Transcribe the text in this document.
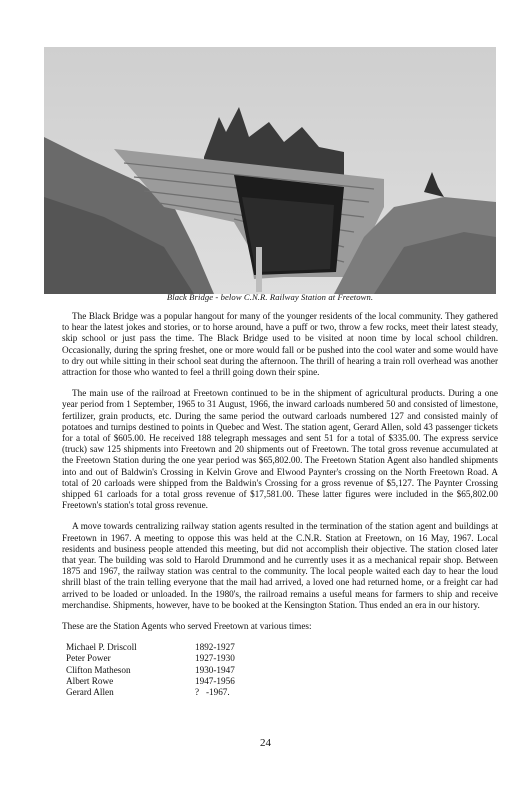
Black Bridge - below C.N.R. Railway Station at Freetown.

The Black Bridge was a popular hangout for many of the younger residents of the local community. They gathered to hear the latest jokes and stories, or to horse around, have a puff or two, throw a few rocks, meet their latest steady, skip school or just pass the time. The Black Bridge used to be visited at noon time by local school children. Occasionally, during the spring freshet, one or more would fall or be pushed into the cool water and some would have to dry out while sitting in their school seat during the afternoon. The thrill of hearing a train roll overhead was another attraction for those who wanted to feel a thrill going down their spine.

The main use of the railroad at Freetown continued to be in the shipment of agricultural products. During a one year period from 1 September, 1965 to 31 August, 1966, the inward carloads numbered 50 and consisted of limestone, fertilizer, grain products, etc. During the same period the outward carloads numbered 127 and consisted mainly of potatoes and turnips destined to points in Quebec and West. The station agent, Gerard Allen, sold 43 passenger tickets for a total of $605.00. He received 188 telegraph messages and sent 51 for a total of $335.00. The express service (truck) saw 125 shipments into Freetown and 20 shipments out of Freetown. The total gross revenue accumulated at the Freetown Station during the one year period was $65,802.00. The Freetown Station Agent also handled shipments into and out of Baldwin's Crossing in Kelvin Grove and Elwood Paynter's crossing on the North Freetown Road. A total of 20 carloads were shipped from the Baldwin's Crossing for a gross revenue of $5,127. The Paynter Crossing shipped 61 carloads for a total gross revenue of $17,581.00. These latter figures were included in the $65,802.00 Freetown's station's total gross revenue.

A move towards centralizing railway station agents resulted in the termination of the station agent and buildings at Freetown in 1967. A meeting to oppose this was held at the C.N.R. Station at Freetown, on 16 May, 1967. Local residents and business people attended this meeting, but did not accomplish their objective. The station closed later that year. The building was sold to Harold Drummond and he currently uses it as a mechanical repair shop. Between 1875 and 1967, the railway station was central to the community. The local people waited each day to hear the loud shrill blast of the train telling everyone that the mail had arrived, a loved one had returned home, or a freight car had arrived to be loaded or unloaded. In the 1980's, the railroad remains a useful means for farmers to ship and receive merchandise. Shipments, however, have to be booked at the Kensington Station. Thus ended an era in our history.

These are the Station Agents who served Freetown at various times:

Michael P. Driscoll	1892-1927
Peter Power	1927-1930
Clifton Matheson	1930-1947
Albert Rowe	1947-1956
Gerard Allen	?   -1967.
24
